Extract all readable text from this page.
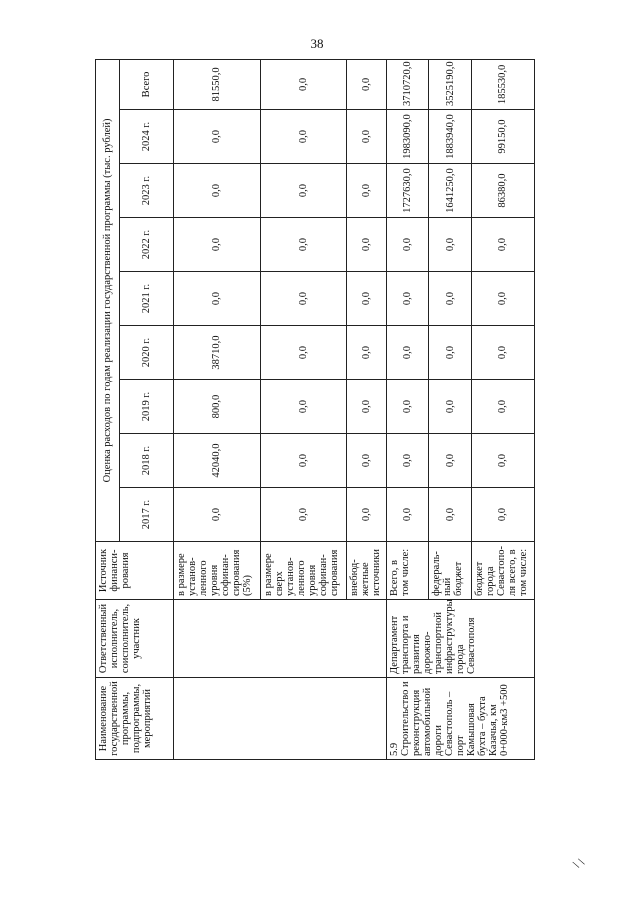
38
Наименование государственной программы, подпрограммы, мероприятий	Ответственный исполнитель, соисполнитель, участник	Источник финанси-рования	Оценка расходов по годам реализации государственной программы (тыс. рублей)								
			2017 г.	2018 г.	2019 г.	2020 г.	2021 г.	2022 г.	2023 г.	2024 г.	Всего
		в размере установ-ленного уровня софинан-сирования (5%)	0,0	42040,0	800,0	38710,0	0,0	0,0	0,0	0,0	81550,0
		в размере сверх установ-ленного уровня софинан-сирования	0,0	0,0	0,0	0,0	0,0	0,0	0,0	0,0	0,0
		внебюд-жетные источники	0,0	0,0	0,0	0,0	0,0	0,0	0,0	0,0	0,0
5.9 Строительство и реконструкция автомобильной дороги Севастополь – порт Камышовая бухта – бухта Казачья, км 0+000-км3 +500	Департамент транспорта и развития дорожно-транспортной инфраструктуры города Севастополя	Всего, в том числе:	0,0	0,0	0,0	0,0	0,0	0,0	1727630,0	1983090,0	3710720,0
		федераль-ный бюджет	0,0	0,0	0,0	0,0	0,0	0,0	1641250,0	1883940,0	3525190,0
		бюджет города Севастопо-ля всего, в том числе:	0,0	0,0	0,0	0,0	0,0	0,0	86380,0	99150,0	185530,0
\ \
